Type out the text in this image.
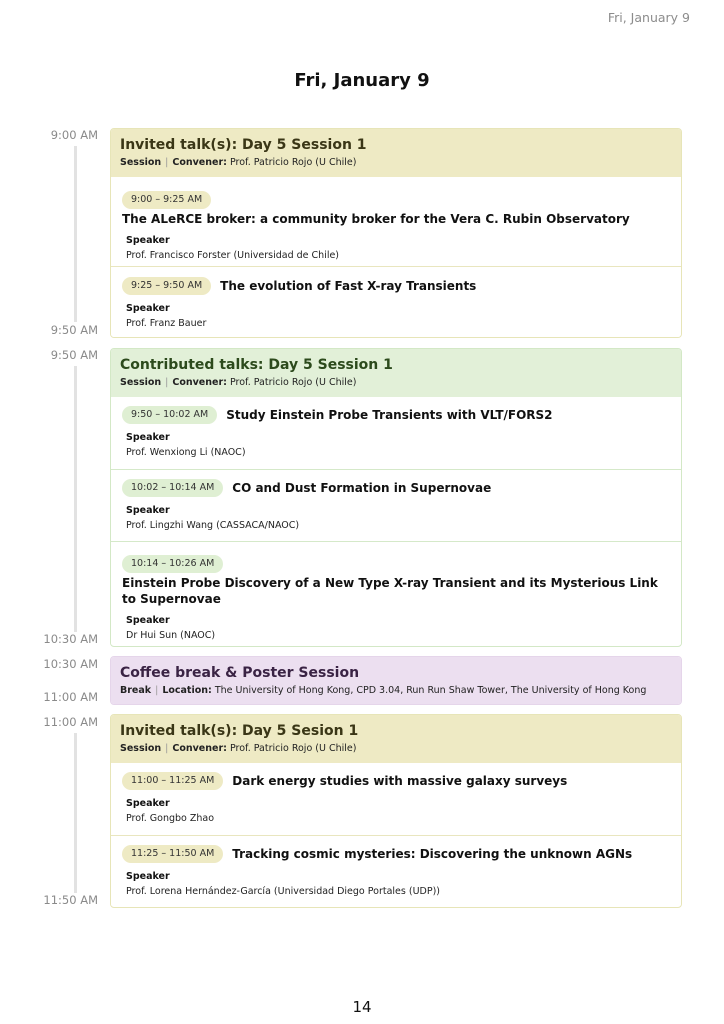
Fri, January 9
Fri, January 9
9:00 AM
9:50 AM
Invited talk(s): Day 5 Session 1
Session | Convener: Prof. Patricio Rojo (U Chile)
9:00 – 9:25 AM
The ALeRCE broker: a community broker for the Vera C. Rubin Observatory
Speaker
Prof. Francisco Forster (Universidad de Chile)
9:25 – 9:50 AM	The evolution of Fast X-ray Transients
Speaker
Prof. Franz Bauer
9:50 AM
10:30 AM
Contributed talks: Day 5 Session 1
Session | Convener: Prof. Patricio Rojo (U Chile)
9:50 – 10:02 AM	Study Einstein Probe Transients with VLT/FORS2
Speaker
Prof. Wenxiong Li (NAOC)
10:02 – 10:14 AM	CO and Dust Formation in Supernovae
Speaker
Prof. Lingzhi Wang (CASSACA/NAOC)
10:14 – 10:26 AM
Einstein Probe Discovery of a New Type X-ray Transient and its Mysterious Link to Supernovae
Speaker
Dr Hui Sun (NAOC)
10:30 AM
11:00 AM
Coffee break & Poster Session
Break | Location: The University of Hong Kong, CPD 3.04, Run Run Shaw Tower, The University of Hong Kong
11:00 AM
11:50 AM
Invited talk(s): Day 5 Sesion 1
Session | Convener: Prof. Patricio Rojo (U Chile)
11:00 – 11:25 AM	Dark energy studies with massive galaxy surveys
Speaker
Prof. Gongbo Zhao
11:25 – 11:50 AM	Tracking cosmic mysteries: Discovering the unknown AGNs
Speaker
Prof. Lorena Hernández-García (Universidad Diego Portales (UDP))
14
